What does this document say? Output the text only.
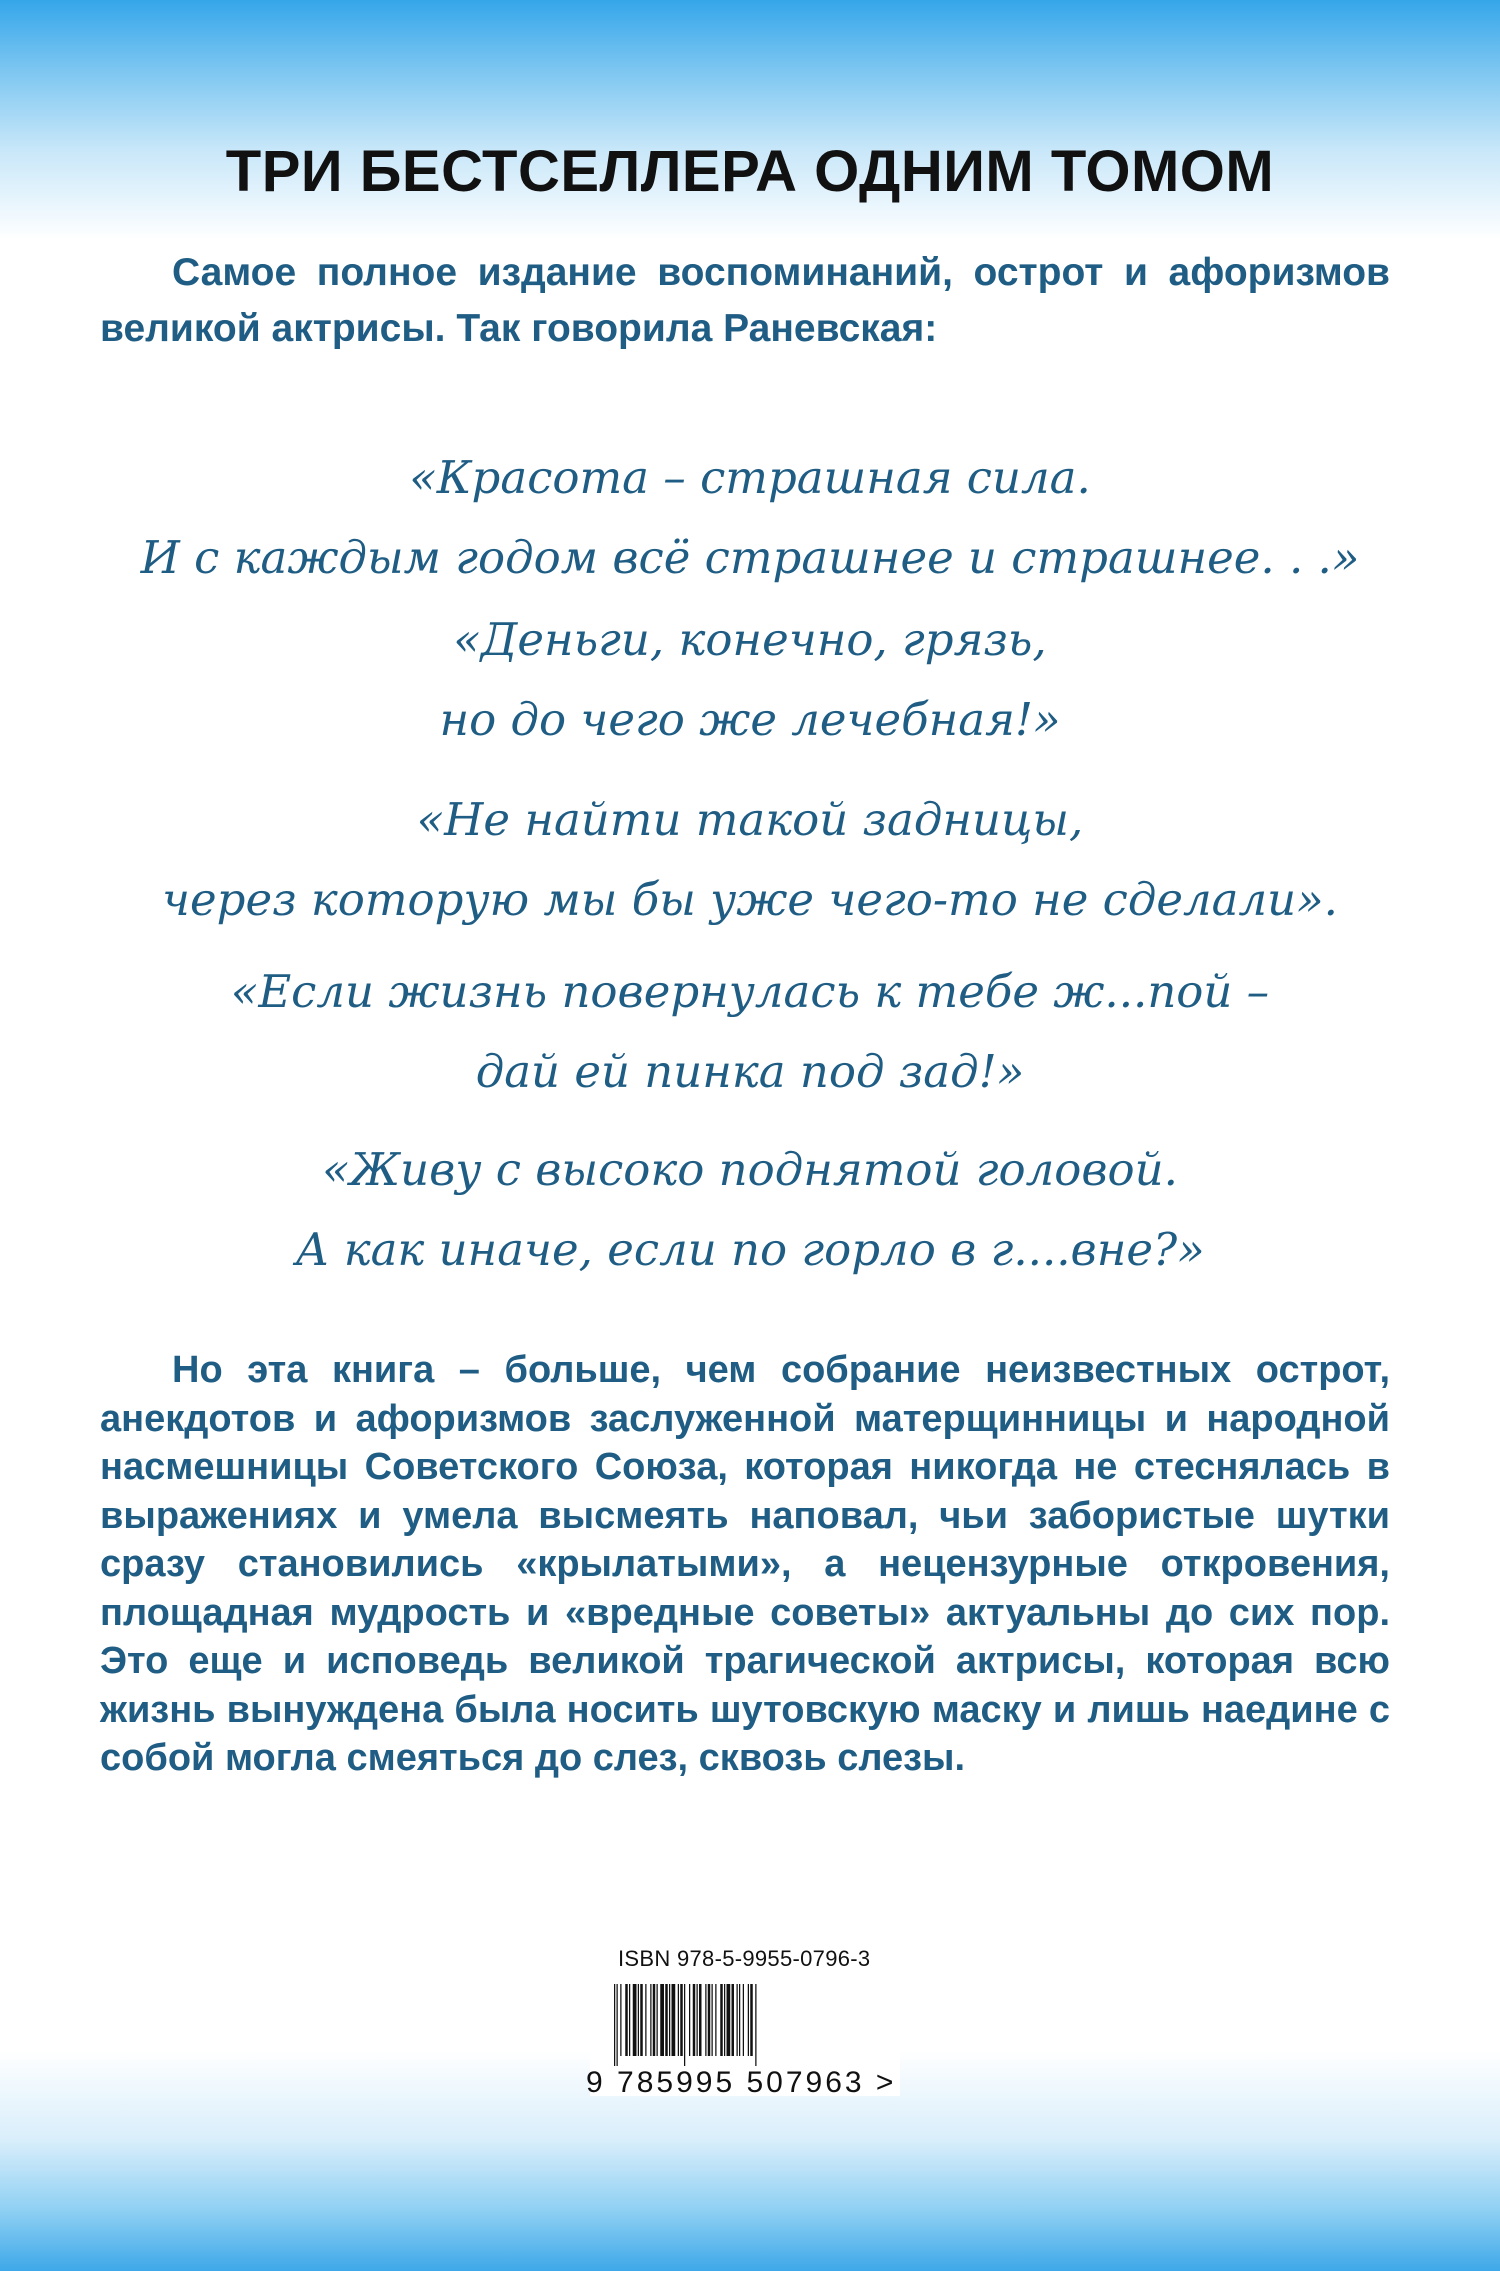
ТРИ БЕСТСЕЛЛЕРА ОДНИМ ТОМОМ

Самое полное издание воспоминаний, острот и афоризмов великой актрисы. Так говорила Раневская:

«Красота – страшная сила.
И с каждым годом всё страшнее и страшнее. . .»
«Деньги, конечно, грязь,
но до чего же лечебная!»
«Не найти такой задницы,
через которую мы бы уже чего-то не сделали».
«Если жизнь повернулась к тебе ж...пой –
дай ей пинка под зад!»
«Живу с высоко поднятой головой.
А как иначе, если по горло в г....вне?»

Но эта книга – больше, чем собрание неизвестных острот, анекдотов и афоризмов заслуженной матерщинницы и народной насмешницы Советского Союза, которая никогда не стеснялась в выражениях и умела высмеять наповал, чьи забористые шутки сразу становились «крылатыми», а нецензурные откровения, площадная мудрость и «вредные советы» актуальны до сих пор. Это еще и исповедь великой трагической актрисы, которая всю жизнь вынуждена была носить шутовскую маску и лишь наедине с собой могла смеяться до слез, сквозь слезы.

ISBN 978-5-9955-0796-3
9 785995 507963 >
